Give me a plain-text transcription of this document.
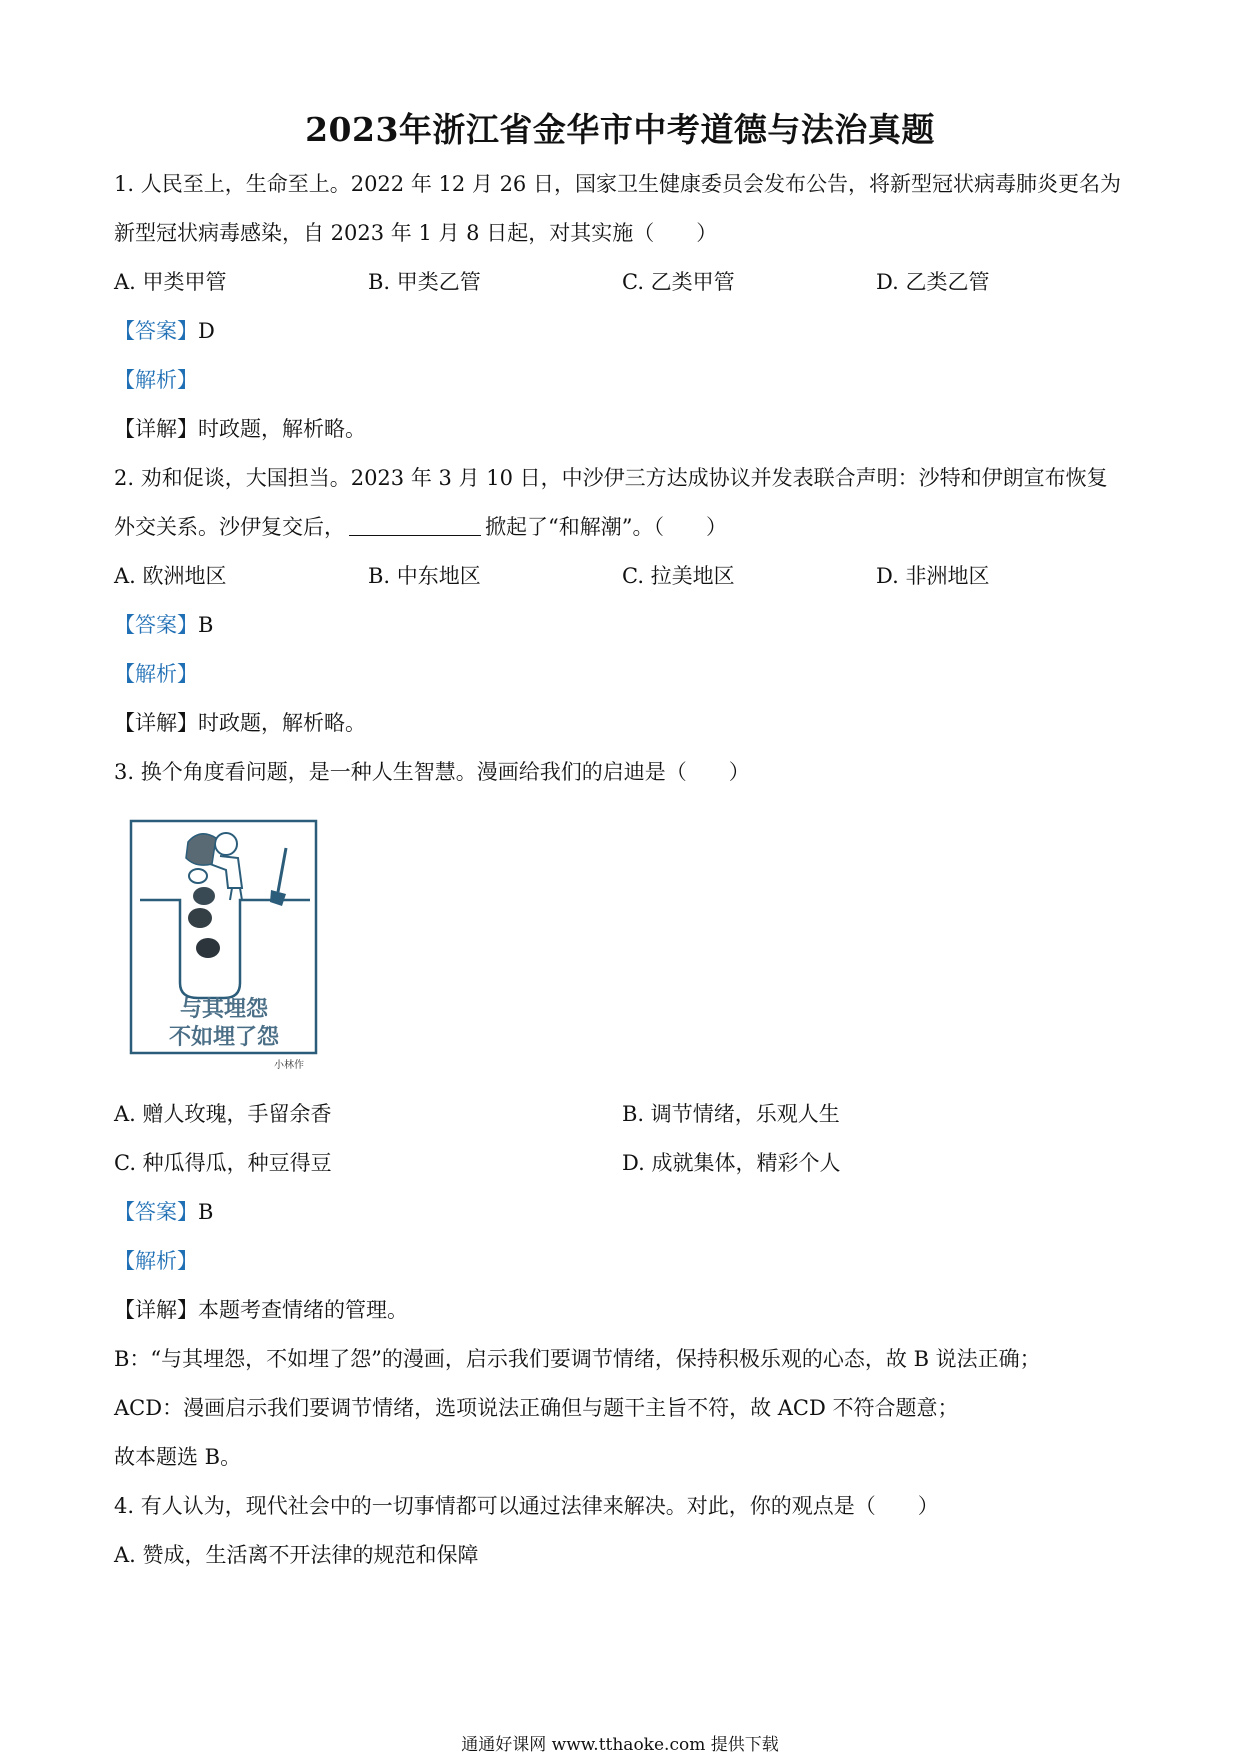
2023年浙江省金华市中考道德与法治真题
1. 人民至上，生命至上。2022 年 12 月 26 日，国家卫生健康委员会发布公告，将新型冠状病毒肺炎更名为
新型冠状病毒感染，自 2023 年 1 月 8 日起，对其实施（　　）
A. 甲类甲管	B. 甲类乙管	C. 乙类甲管	D. 乙类乙管
【答案】D
【解析】
【详解】时政题，解析略。
2. 劝和促谈，大国担当。2023 年 3 月 10 日，中沙伊三方达成协议并发表联合声明：沙特和伊朗宣布恢复
外交关系。沙伊复交后，	掀起了“和解潮”。（　　）
A. 欧洲地区	B. 中东地区	C. 拉美地区	D. 非洲地区
【答案】B
【解析】
【详解】时政题，解析略。
3. 换个角度看问题，是一种人生智慧。漫画给我们的启迪是（　　）
与其埋怨
不如埋了怨
小林作
A. 赠人玫瑰，手留余香	B. 调节情绪，乐观人生
C. 种瓜得瓜，种豆得豆	D. 成就集体，精彩个人
【答案】B
【解析】
【详解】本题考查情绪的管理。
B：“与其埋怨，不如埋了怨”的漫画，启示我们要调节情绪，保持积极乐观的心态，故 B 说法正确；
ACD：漫画启示我们要调节情绪，选项说法正确但与题干主旨不符，故 ACD 不符合题意；
故本题选 B。
4. 有人认为，现代社会中的一切事情都可以通过法律来解决。对此，你的观点是（　　）
A. 赞成，生活离不开法律的规范和保障
通通好课网 www.tthaoke.com 提供下载
